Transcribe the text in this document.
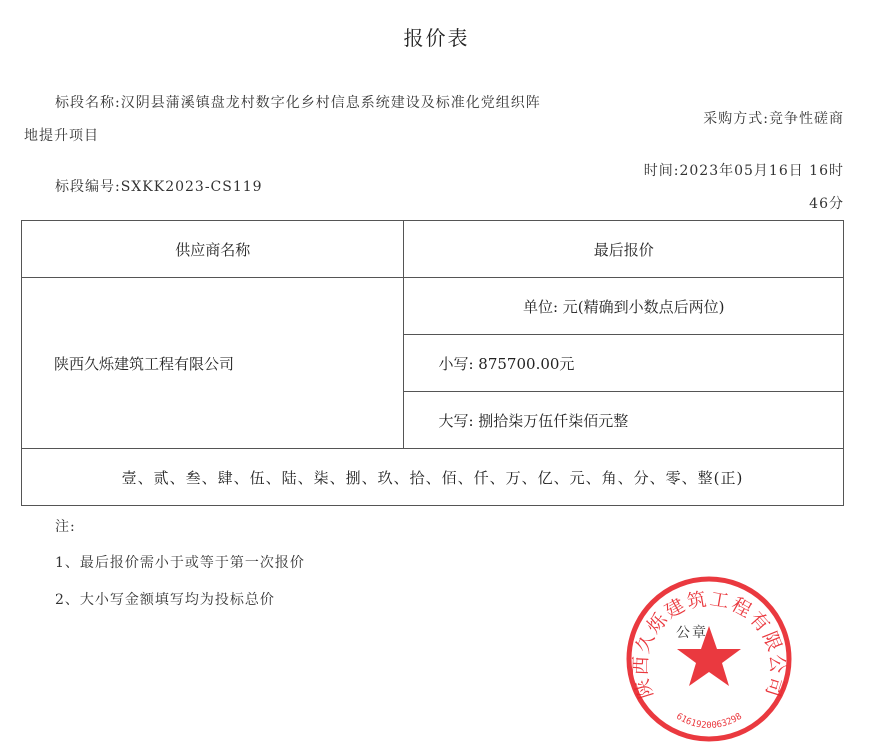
报价表
标段名称:汉阴县蒲溪镇盘龙村数字化乡村信息系统建设及标准化党组织阵
地提升项目
采购方式:竞争性磋商
时间:2023年05月16日 16时
标段编号:SXKK2023-CS119
46分
供应商名称	最后报价
陕西久烁建筑工程有限公司	单位: 元(精确到小数点后两位)
	小写: 875700.00元
	大写: 捌拾柒万伍仟柒佰元整
壹、贰、叁、肆、伍、陆、柒、捌、玖、拾、佰、仟、万、亿、元、角、分、零、整(正)	
注:
1、最后报价需小于或等于第一次报价
2、大小写金额填写均为投标总价
陕西久烁建筑工程有限公司
6161920063298
公章
